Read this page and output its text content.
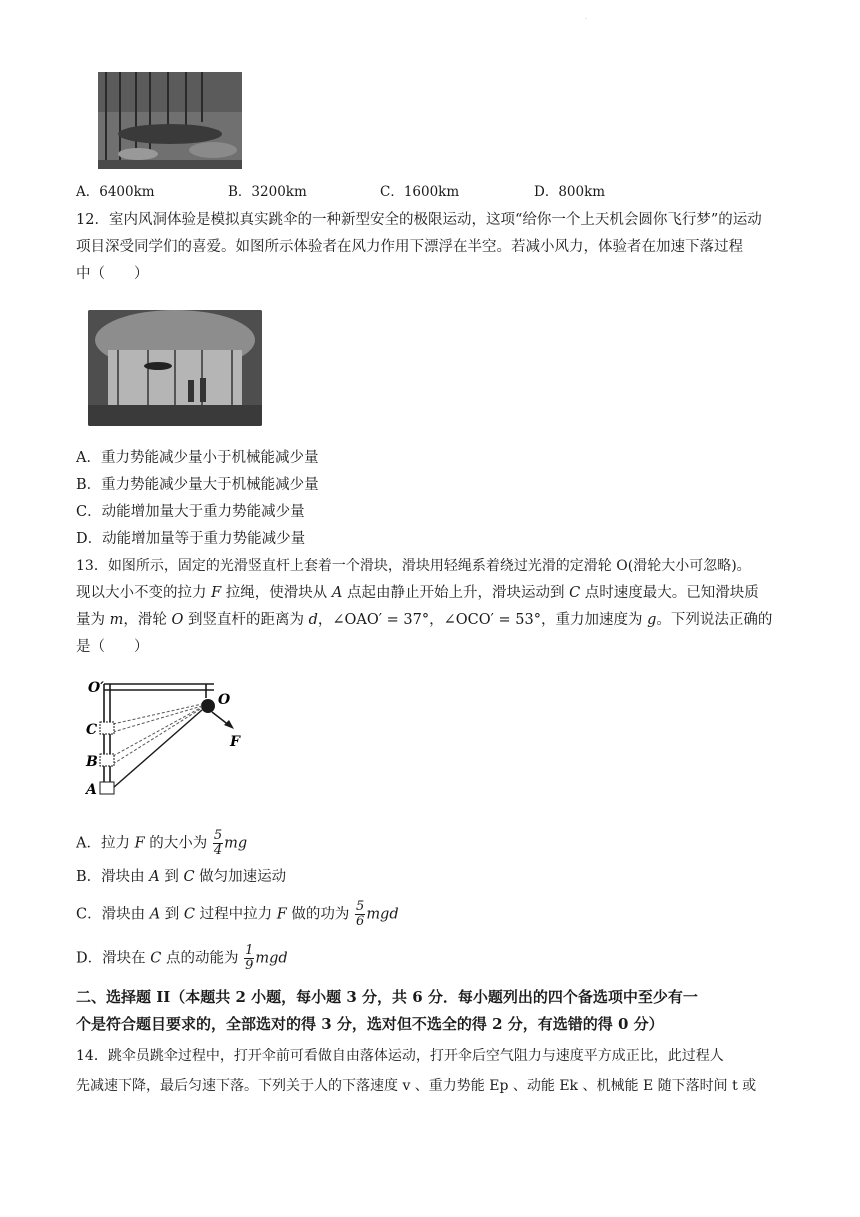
·
A．6400km	B．3200km	C．1600km	D．800km
12．室内风洞体验是模拟真实跳伞的一种新型安全的极限运动，这项“给你一个上天机会圆你飞行梦”的运动
项目深受同学们的喜爱。如图所示体验者在风力作用下漂浮在半空。若减小风力，体验者在加速下落过程
中（　　）
A．重力势能减少量小于机械能减少量
B．重力势能减少量大于机械能减少量
C．动能增加量大于重力势能减少量
D．动能增加量等于重力势能减少量
13．如图所示，固定的光滑竖直杆上套着一个滑块，滑块用轻绳系着绕过光滑的定滑轮 O(滑轮大小可忽略)。
现以大小不变的拉力 F 拉绳，使滑块从 A 点起由静止开始上升，滑块运动到 C 点时速度最大。已知滑块质
量为 m，滑轮 O 到竖直杆的距离为 d，∠OAO′ = 37°，∠OCO′ = 53°，重力加速度为 g。下列说法正确的
是（　　）
O′
O
F
C
B
A
A．拉力 F 的大小为 $\frac{5}{4}$ mg
B．滑块由 A 到 C 做匀加速运动
C．滑块由 A 到 C 过程中拉力 F 做的功为 $\frac{5}{6}$ mgd
D．滑块在 C 点的动能为 $\frac{1}{9}$ mgd
二、选择题 II（本题共 2 小题，每小题 3 分，共 6 分．每小题列出的四个备选项中至少有一
个是符合题目要求的，全部选对的得 3 分，选对但不选全的得 2 分，有选错的得 0 分）
14．跳伞员跳伞过程中，打开伞前可看做自由落体运动，打开伞后空气阻力与速度平方成正比，此过程人
先减速下降，最后匀速下落。下列关于人的下落速度 v 、重力势能 Ep 、动能 Ek 、机械能 E 随下落时间 t 或
